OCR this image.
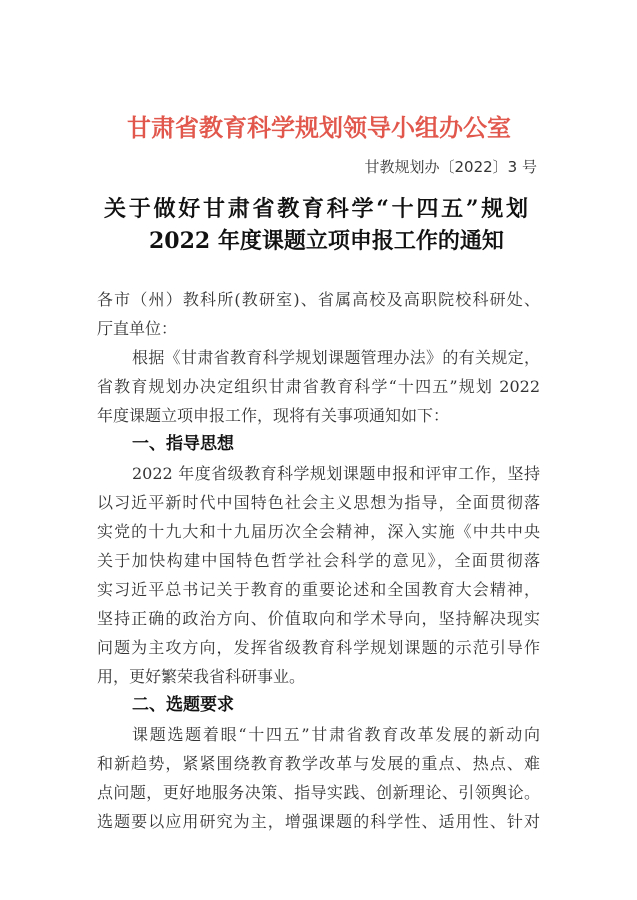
甘肃省教育科学规划领导小组办公室
甘教规划办〔2022〕3 号
关于做好甘肃省教育科学“十四五”规划
2022 年度课题立项申报工作的通知
各市（州）教科所(教研室)、省属高校及高职院校科研处、
厅直单位：
根据《甘肃省教育科学规划课题管理办法》的有关规定，
省教育规划办决定组织甘肃省教育科学“十四五”规划 2022
年度课题立项申报工作，现将有关事项通知如下：
一、指导思想
2022 年度省级教育科学规划课题申报和评审工作，坚持
以习近平新时代中国特色社会主义思想为指导，全面贯彻落
实党的十九大和十九届历次全会精神，深入实施《中共中央
关于加快构建中国特色哲学社会科学的意见》，全面贯彻落
实习近平总书记关于教育的重要论述和全国教育大会精神，
坚持正确的政治方向、价值取向和学术导向，坚持解决现实
问题为主攻方向，发挥省级教育科学规划课题的示范引导作
用，更好繁荣我省科研事业。
二、选题要求
课题选题着眼“十四五”甘肃省教育改革发展的新动向
和新趋势，紧紧围绕教育教学改革与发展的重点、热点、难
点问题，更好地服务决策、指导实践、创新理论、引领舆论。
选题要以应用研究为主，增强课题的科学性、适用性、针对
